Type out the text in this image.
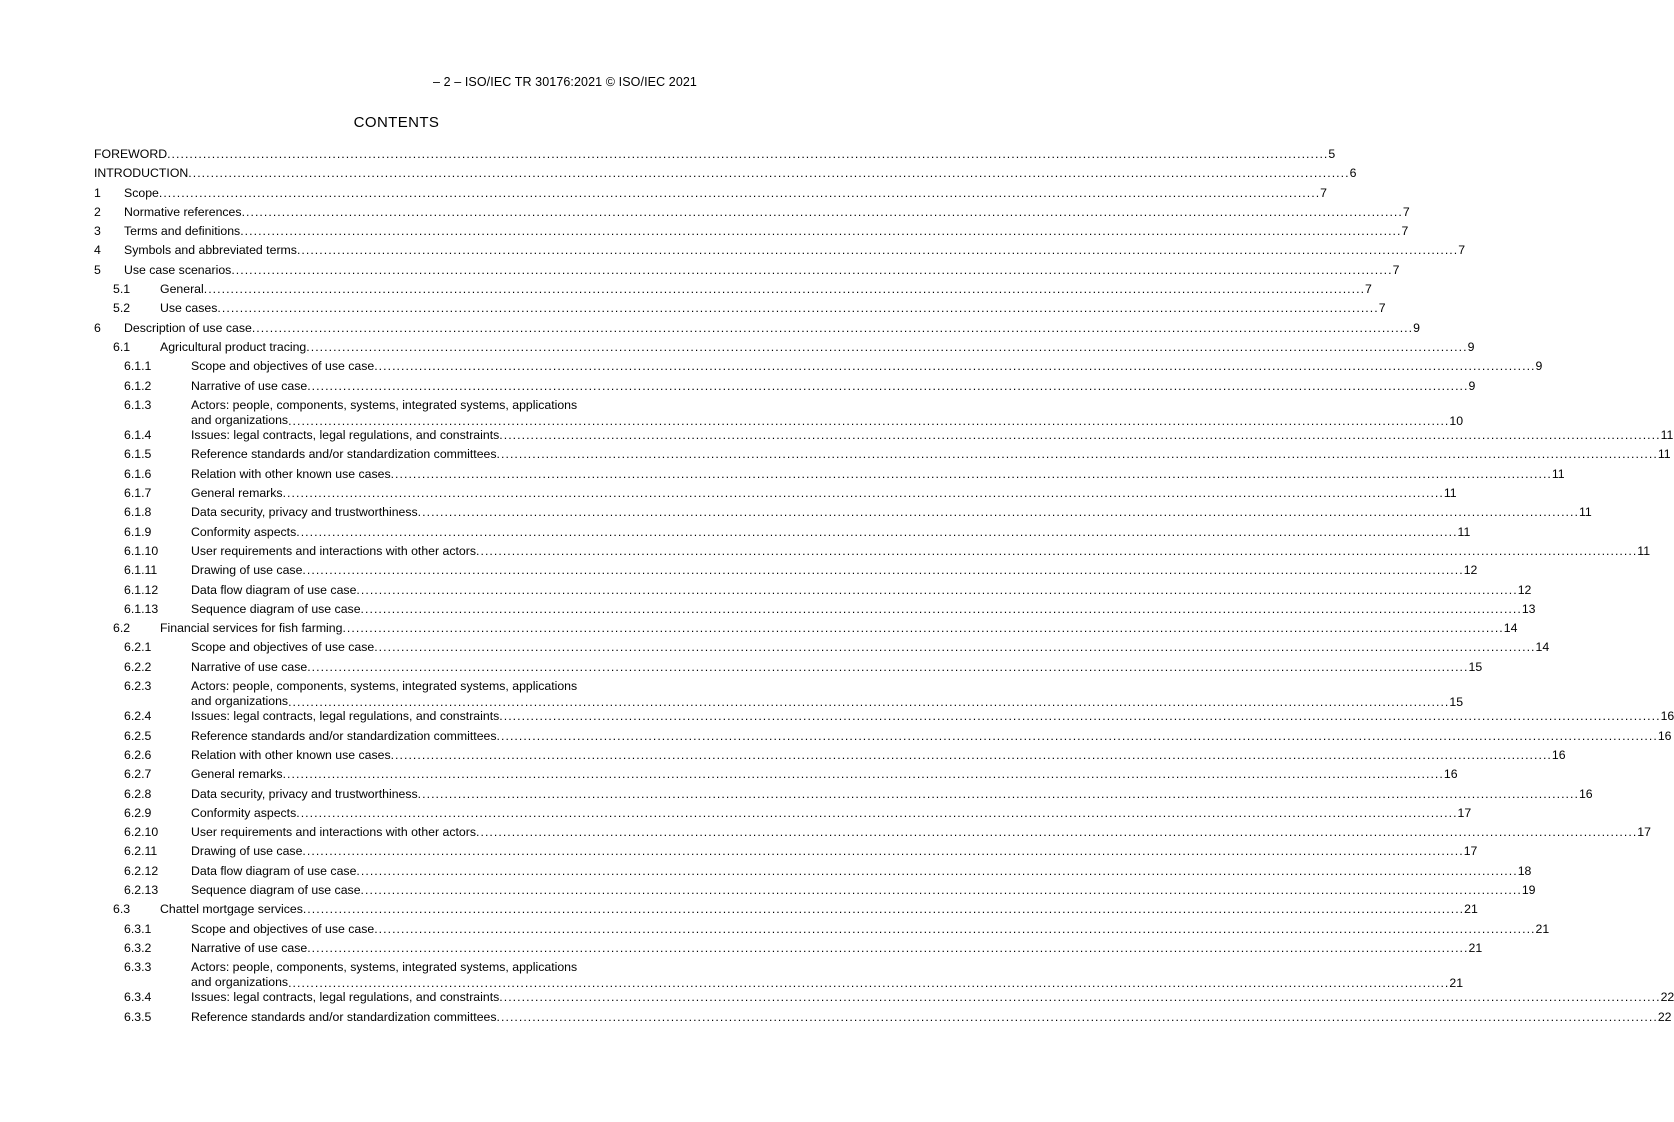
– 2 – ISO/IEC TR 30176:2021 © ISO/IEC 2021
CONTENTS
FOREWORD .....	5
INTRODUCTION .....	6
1 Scope .....	7
2 Normative references .....	7
3 Terms and definitions .....	7
4 Symbols and abbreviated terms .....	7
5 Use case scenarios .....	7
5.1 General .....	7
5.2 Use cases .....	7
6 Description of use case .....	9
6.1 Agricultural product tracing .....	9
6.1.1	Scope and objectives of use case .....	9
6.1.2	Narrative of use case .....	9
6.1.3	Actors: people, components, systems, integrated systems, applications
and organizations .....	10
6.1.4	Issues: legal contracts, legal regulations, and constraints .....	11
6.1.5	Reference standards and/or standardization committees .....	11
6.1.6	Relation with other known use cases .....	11
6.1.7	General remarks .....	11
6.1.8	Data security, privacy and trustworthiness .....	11
6.1.9	Conformity aspects .....	11
6.1.10	User requirements and interactions with other actors .....	11
6.1.11	Drawing of use case .....	12
6.1.12	Data flow diagram of use case .....	12
6.1.13	Sequence diagram of use case .....	13
6.2 Financial services for fish farming .....	14
6.2.1	Scope and objectives of use case .....	14
6.2.2	Narrative of use case .....	15
6.2.3	Actors: people, components, systems, integrated systems, applications
and organizations .....	15
6.2.4	Issues: legal contracts, legal regulations, and constraints .....	16
6.2.5	Reference standards and/or standardization committees .....	16
6.2.6	Relation with other known use cases .....	16
6.2.7	General remarks .....	16
6.2.8	Data security, privacy and trustworthiness .....	16
6.2.9	Conformity aspects .....	17
6.2.10	User requirements and interactions with other actors .....	17
6.2.11	Drawing of use case .....	17
6.2.12	Data flow diagram of use case .....	18
6.2.13	Sequence diagram of use case .....	19
6.3 Chattel mortgage services .....	21
6.3.1	Scope and objectives of use case .....	21
6.3.2	Narrative of use case .....	21
6.3.3	Actors: people, components, systems, integrated systems, applications
and organizations .....	21
6.3.4	Issues: legal contracts, legal regulations, and constraints .....	22
6.3.5	Reference standards and/or standardization committees .....	22
